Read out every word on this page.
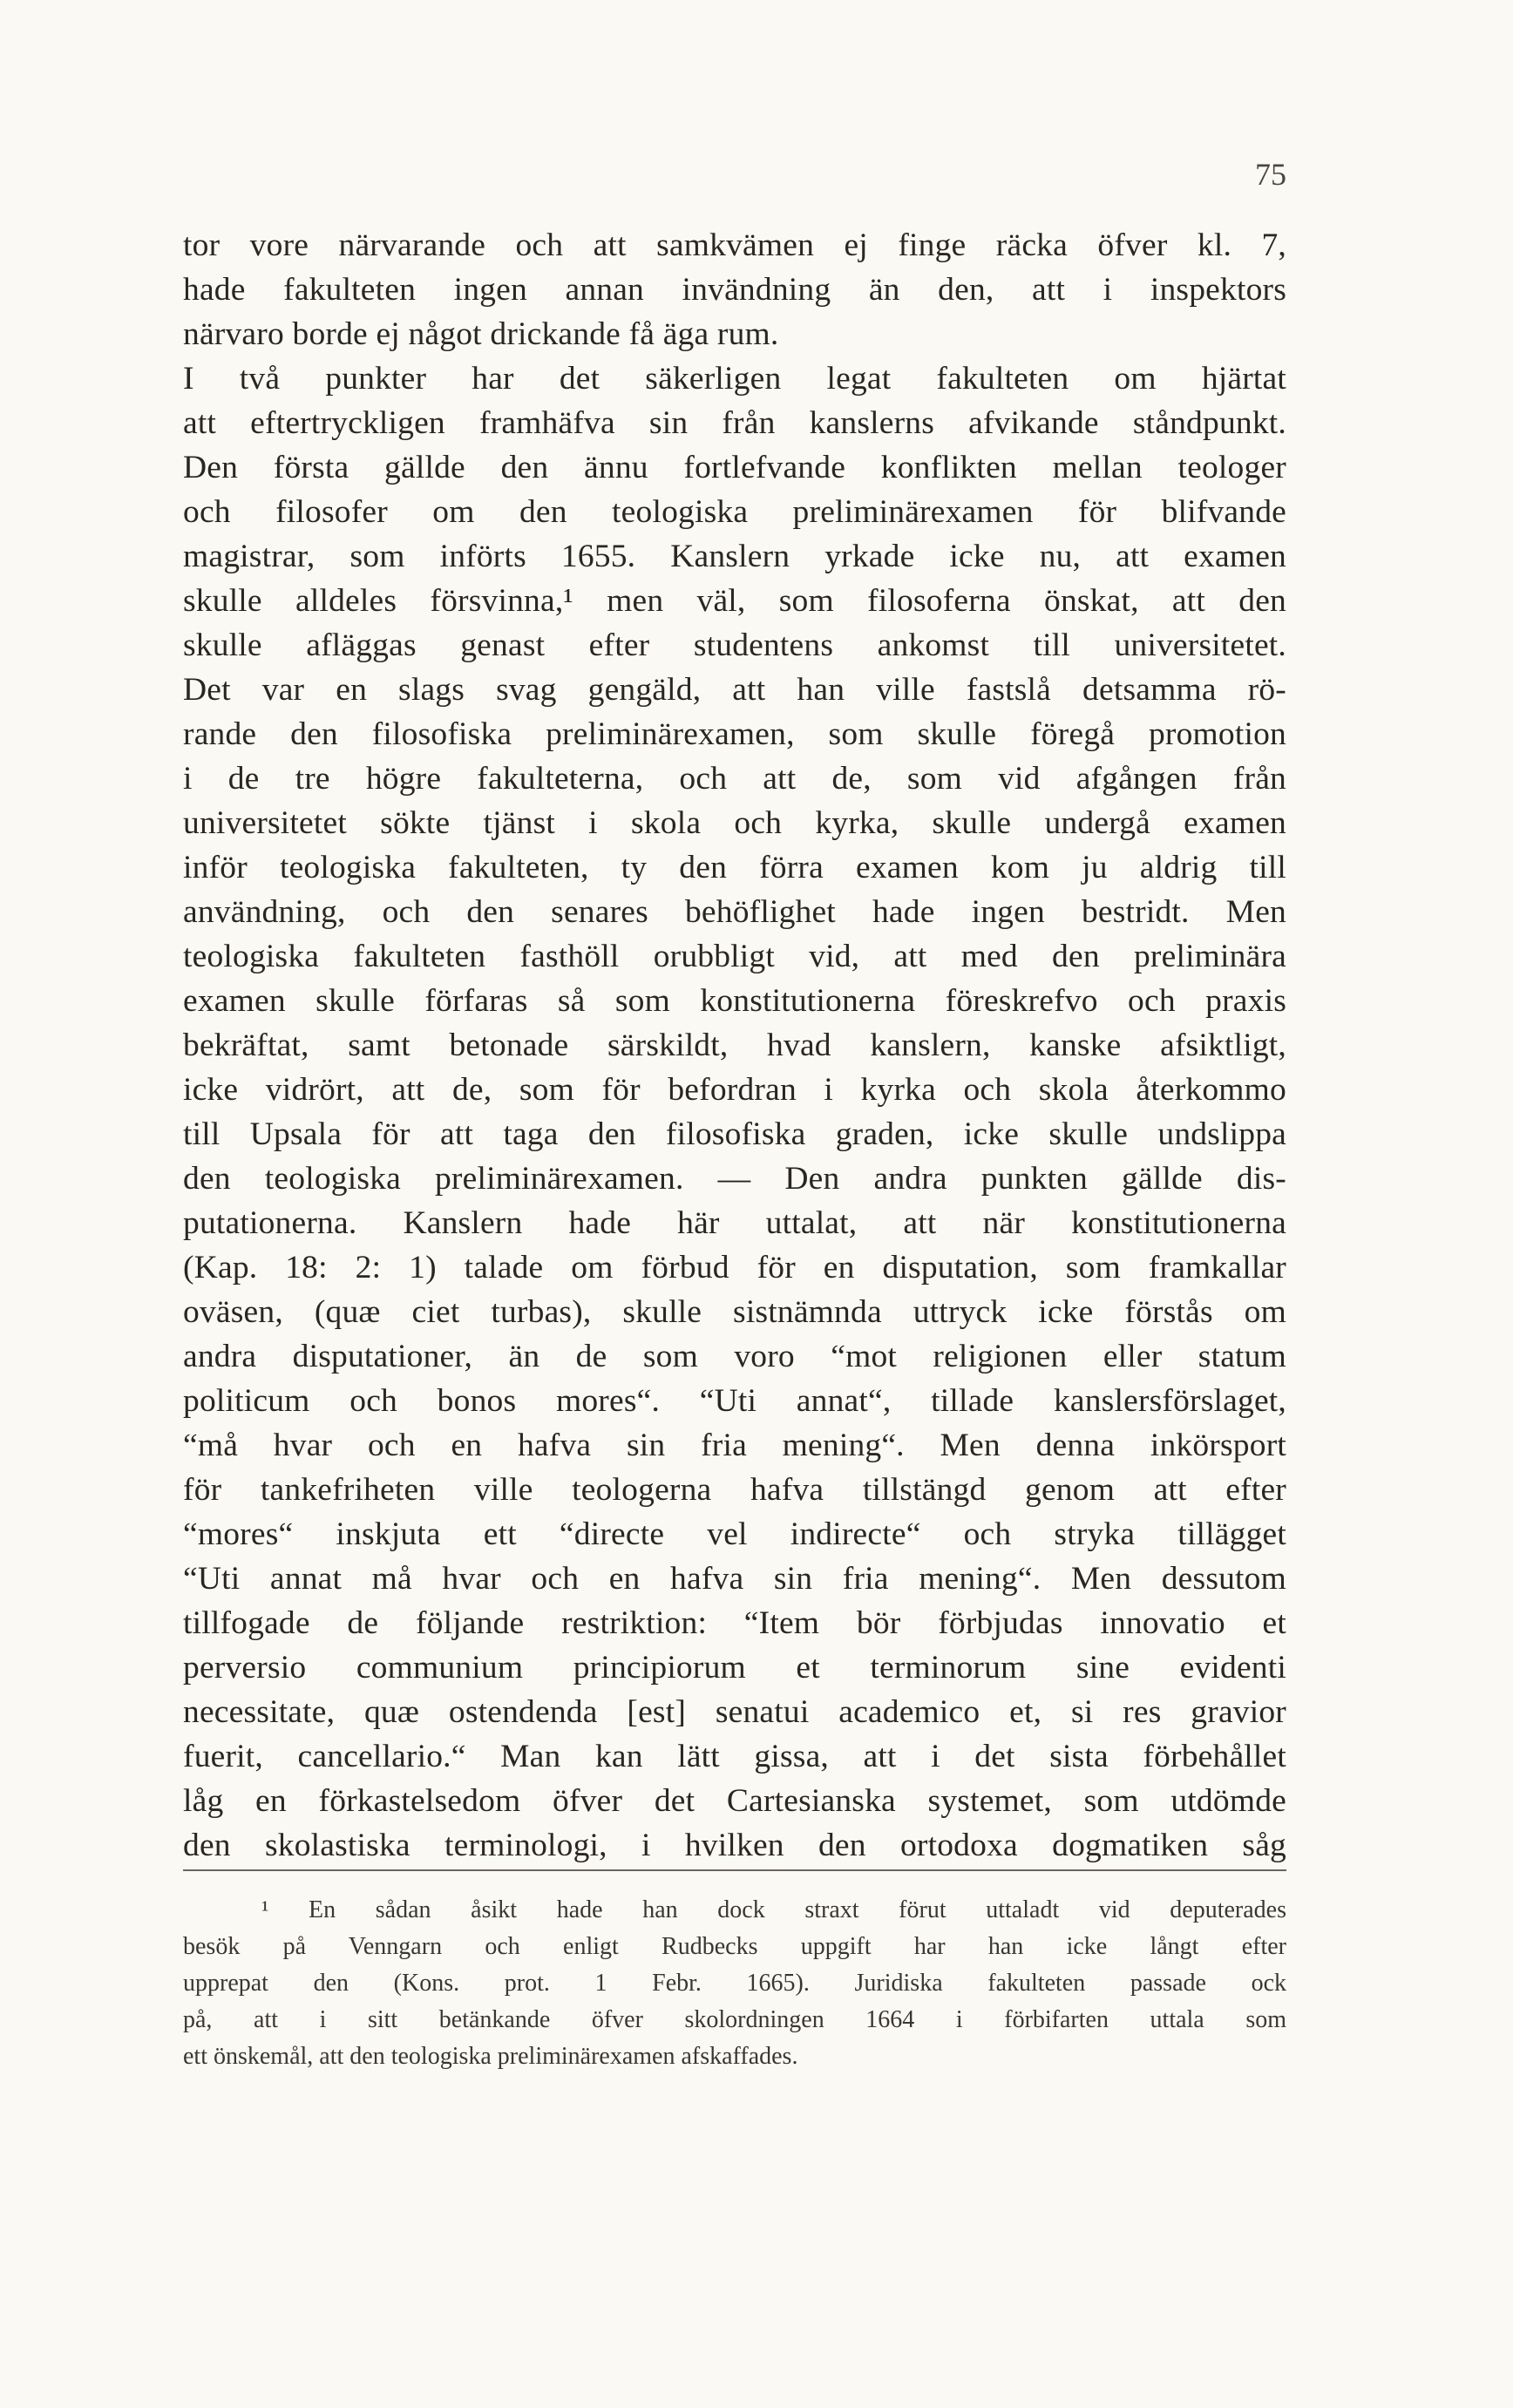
75
tor vore närvarande och att samkvämen ej finge räcka öfver kl. 7,
hade fakulteten ingen annan invändning än den, att i inspektors
närvaro borde ej något drickande få äga rum.
I två punkter har det säkerligen legat fakulteten om hjärtat
att eftertryckligen framhäfva sin från kanslerns afvikande ståndpunkt.
Den första gällde den ännu fortlefvande konflikten mellan teologer
och filosofer om den teologiska preliminärexamen för blifvande
magistrar, som införts 1655. Kanslern yrkade icke nu, att examen
skulle alldeles försvinna,¹ men väl, som filosoferna önskat, att den
skulle afläggas genast efter studentens ankomst till universitetet.
Det var en slags svag gengäld, att han ville fastslå detsamma rö-
rande den filosofiska preliminärexamen, som skulle föregå promotion
i de tre högre fakulteterna, och att de, som vid afgången från
universitetet sökte tjänst i skola och kyrka, skulle undergå examen
inför teologiska fakulteten, ty den förra examen kom ju aldrig till
användning, och den senares behöflighet hade ingen bestridt. Men
teologiska fakulteten fasthöll orubbligt vid, att med den preliminära
examen skulle förfaras så som konstitutionerna föreskrefvo och praxis
bekräftat, samt betonade särskildt, hvad kanslern, kanske afsiktligt,
icke vidrört, att de, som för befordran i kyrka och skola återkommo
till Upsala för att taga den filosofiska graden, icke skulle undslippa
den teologiska preliminärexamen. — Den andra punkten gällde dis-
putationerna. Kanslern hade här uttalat, att när konstitutionerna
(Kap. 18: 2: 1) talade om förbud för en disputation, som framkallar
oväsen, (quæ ciet turbas), skulle sistnämnda uttryck icke förstås om
andra disputationer, än de som voro “mot religionen eller statum
politicum och bonos mores“. “Uti annat“, tillade kanslersförslaget,
“må hvar och en hafva sin fria mening“. Men denna inkörsport
för tankefriheten ville teologerna hafva tillstängd genom att efter
“mores“ inskjuta ett “directe vel indirecte“ och stryka tillägget
“Uti annat må hvar och en hafva sin fria mening“. Men dessutom
tillfogade de följande restriktion: “Item bör förbjudas innovatio et
perversio communium principiorum et terminorum sine evidenti
necessitate, quæ ostendenda [est] senatui academico et, si res gravior
fuerit, cancellario.“ Man kan lätt gissa, att i det sista förbehållet
låg en förkastelsedom öfver det Cartesianska systemet, som utdömde
den skolastiska terminologi, i hvilken den ortodoxa dogmatiken såg
¹ En sådan åsikt hade han dock straxt förut uttaladt vid deputerades
besök på Venngarn och enligt Rudbecks uppgift har han icke långt efter
upprepat den (Kons. prot. 1 Febr. 1665). Juridiska fakulteten passade ock
på, att i sitt betänkande öfver skolordningen 1664 i förbifarten uttala som
ett önskemål, att den teologiska preliminärexamen afskaffades.
